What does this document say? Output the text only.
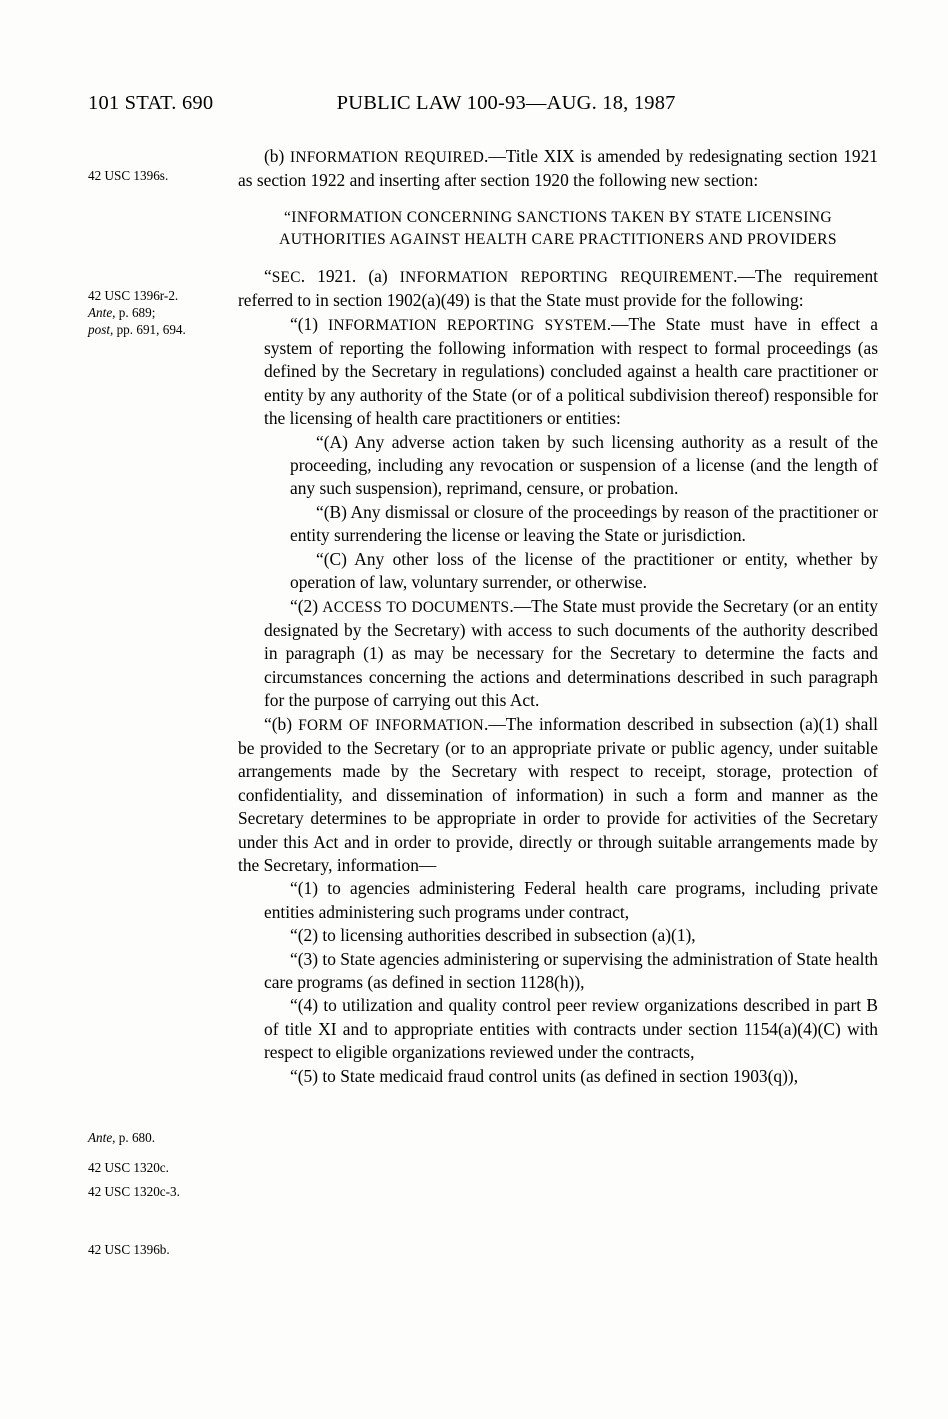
101 STAT. 690	PUBLIC LAW 100-93—AUG. 18, 1987
42 USC 1396s.
42 USC 1396r-2.
Ante, p. 689;
post, pp. 691, 694.
Ante, p. 680.
42 USC 1320c.
42 USC 1320c-3.
42 USC 1396b.

(b) INFORMATION REQUIRED.—Title XIX is amended by redesignating section 1921 as section 1922 and inserting after section 1920 the following new section:

“INFORMATION CONCERNING SANCTIONS TAKEN BY STATE LICENSING
AUTHORITIES AGAINST HEALTH CARE PRACTITIONERS AND PROVIDERS

“SEC. 1921. (a) INFORMATION REPORTING REQUIREMENT.—The requirement referred to in section 1902(a)(49) is that the State must provide for the following:

“(1) INFORMATION REPORTING SYSTEM.—The State must have in effect a system of reporting the following information with respect to formal proceedings (as defined by the Secretary in regulations) concluded against a health care practitioner or entity by any authority of the State (or of a political subdivision thereof) responsible for the licensing of health care practitioners or entities:

“(A) Any adverse action taken by such licensing authority as a result of the proceeding, including any revocation or suspension of a license (and the length of any such suspension), reprimand, censure, or probation.

“(B) Any dismissal or closure of the proceedings by reason of the practitioner or entity surrendering the license or leaving the State or jurisdiction.

“(C) Any other loss of the license of the practitioner or entity, whether by operation of law, voluntary surrender, or otherwise.

“(2) ACCESS TO DOCUMENTS.—The State must provide the Secretary (or an entity designated by the Secretary) with access to such documents of the authority described in paragraph (1) as may be necessary for the Secretary to determine the facts and circumstances concerning the actions and determinations described in such paragraph for the purpose of carrying out this Act.

“(b) FORM OF INFORMATION.—The information described in subsection (a)(1) shall be provided to the Secretary (or to an appropriate private or public agency, under suitable arrangements made by the Secretary with respect to receipt, storage, protection of confidentiality, and dissemination of information) in such a form and manner as the Secretary determines to be appropriate in order to provide for activities of the Secretary under this Act and in order to provide, directly or through suitable arrangements made by the Secretary, information—

“(1) to agencies administering Federal health care programs, including private entities administering such programs under contract,

“(2) to licensing authorities described in subsection (a)(1),

“(3) to State agencies administering or supervising the administration of State health care programs (as defined in section 1128(h)),

“(4) to utilization and quality control peer review organizations described in part B of title XI and to appropriate entities with contracts under section 1154(a)(4)(C) with respect to eligible organizations reviewed under the contracts,

“(5) to State medicaid fraud control units (as defined in section 1903(q)),
